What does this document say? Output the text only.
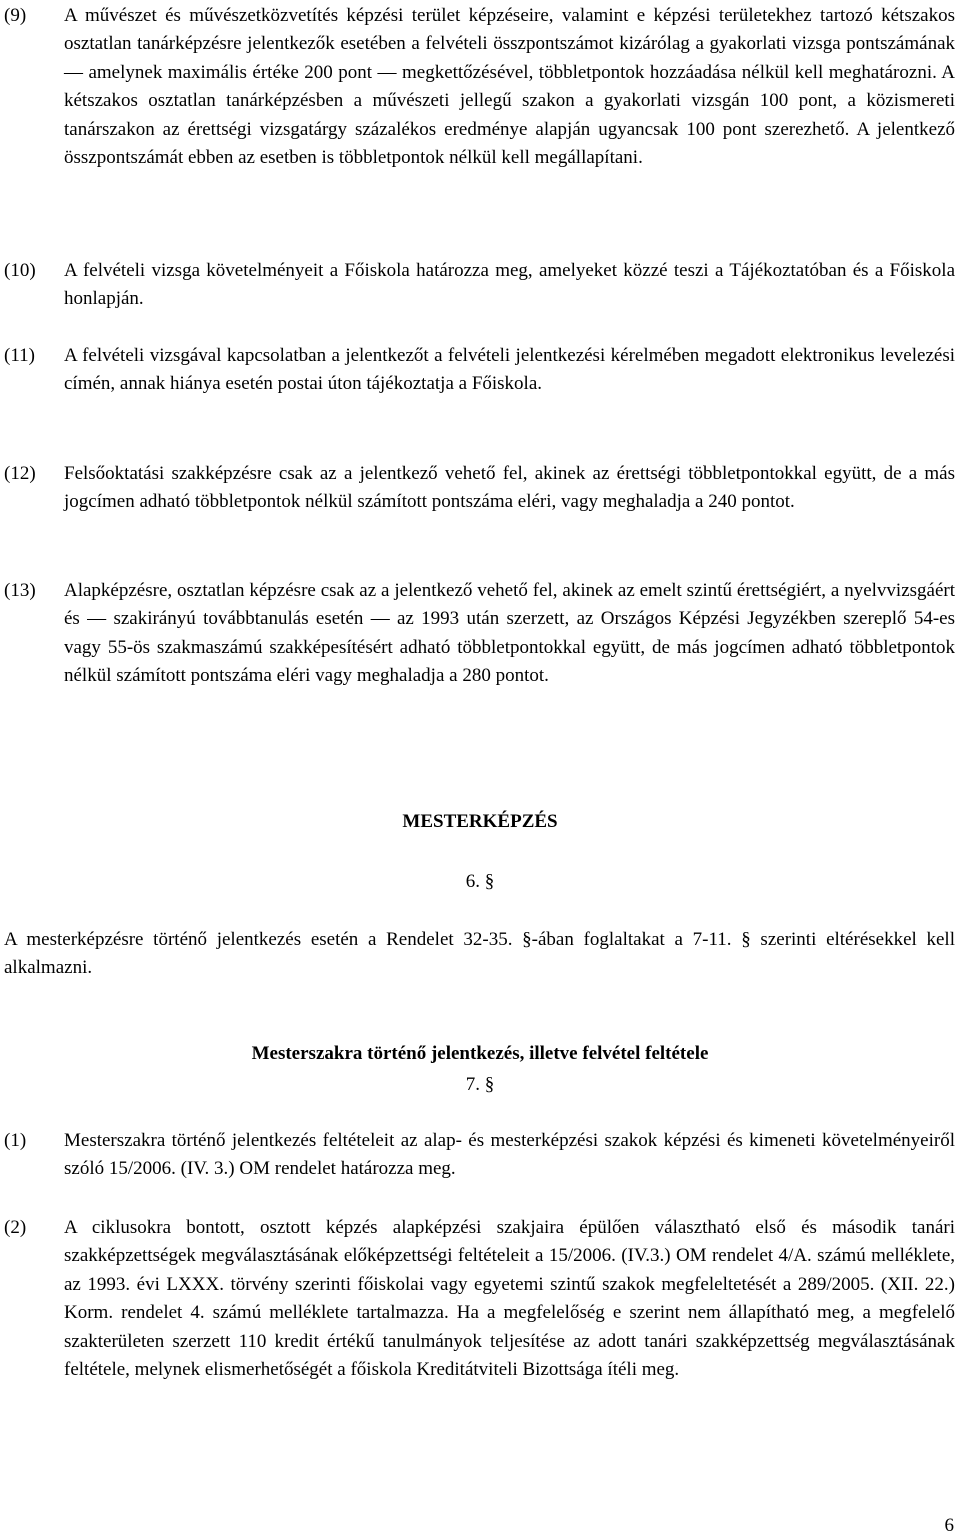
(9) A művészet és művészetközvetítés képzési terület képzéseire, valamint e képzési területekhez tartozó kétszakos osztatlan tanárképzésre jelentkezők esetében a felvételi összpontszámot kizárólag a gyakorlati vizsga pontszámának — amelynek maximális értéke 200 pont — megkettőzésével, többletpontok hozzáadása nélkül kell meghatározni. A kétszakos osztatlan tanárképzésben a művészeti jellegű szakon a gyakorlati vizsgán 100 pont, a közismereti tanárszakon az érettségi vizsgatárgy százalékos eredménye alapján ugyancsak 100 pont szerezhető. A jelentkező összpontszámát ebben az esetben is többletpontok nélkül kell megállapítani.
(10) A felvételi vizsga követelményeit a Főiskola határozza meg, amelyeket közzé teszi a Tájékoztatóban és a Főiskola honlapján.
(11) A felvételi vizsgával kapcsolatban a jelentkezőt a felvételi jelentkezési kérelmében megadott elektronikus levelezési címén, annak hiánya esetén postai úton tájékoztatja a Főiskola.
(12) Felsőoktatási szakképzésre csak az a jelentkező vehető fel, akinek az érettségi többletpontokkal együtt, de a más jogcímen adható többletpontok nélkül számított pontszáma eléri, vagy meghaladja a 240 pontot.
(13) Alapképzésre, osztatlan képzésre csak az a jelentkező vehető fel, akinek az emelt szintű érettségiért, a nyelvvizsgáért és — szakirányú továbbtanulás esetén — az 1993 után szerzett, az Országos Képzési Jegyzékben szereplő 54-es vagy 55-ös szakmaszámú szakképesítésért adható többletpontokkal együtt, de más jogcímen adható többletpontok nélkül számított pontszáma eléri vagy meghaladja a 280 pontot.
MESTERKÉPZÉS
6. §
A mesterképzésre történő jelentkezés esetén a Rendelet 32-35. §-ában foglaltakat a 7-11. § szerinti eltérésekkel kell alkalmazni.
Mesterszakra történő jelentkezés, illetve felvétel feltétele
7. §
(1) Mesterszakra történő jelentkezés feltételeit az alap- és mesterképzési szakok képzési és kimeneti követelményeiről szóló 15/2006. (IV. 3.) OM rendelet határozza meg.
(2) A ciklusokra bontott, osztott képzés alapképzési szakjaira épülően választható első és második tanári szakképzettségek megválasztásának előképzettségi feltételeit a 15/2006. (IV.3.) OM rendelet 4/A. számú melléklete, az 1993. évi LXXX. törvény szerinti főiskolai vagy egyetemi szintű szakok megfeleltetését a 289/2005. (XII. 22.) Korm. rendelet 4. számú melléklete tartalmazza. Ha a megfelelőség e szerint nem állapítható meg, a megfelelő szakterületen szerzett 110 kredit értékű tanulmányok teljesítése az adott tanári szakképzettség megválasztásának feltétele, melynek elismerhetőségét a főiskola Kreditátviteli Bizottsága ítéli meg.
6
